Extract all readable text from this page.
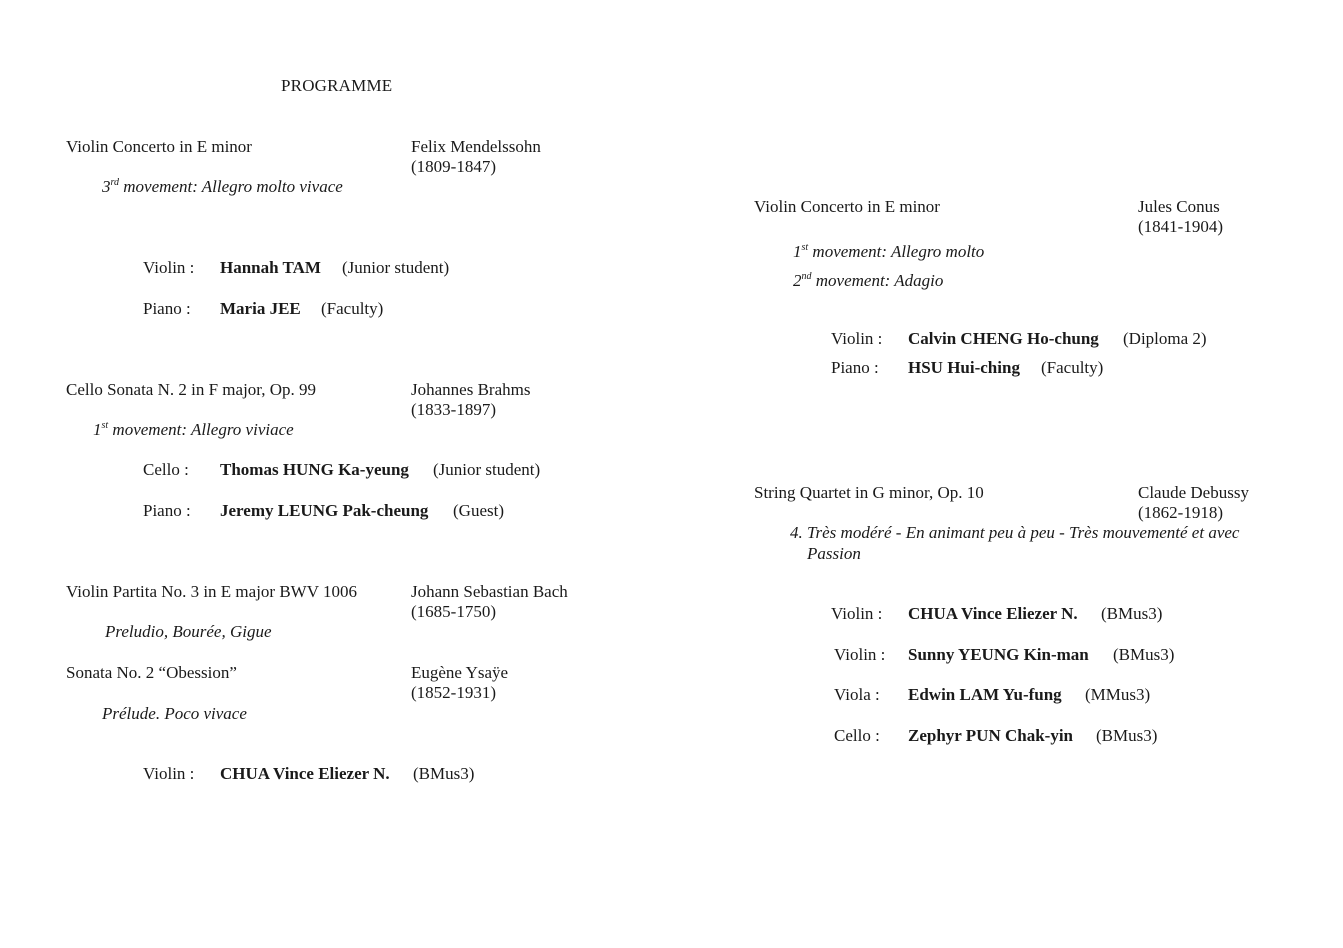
PROGRAMME
Violin Concerto in E minor	Felix Mendelssohn
(1809-1847)
3rd movement: Allegro molto vivace
Violin : Hannah TAM (Junior student)
Piano : Maria JEE (Faculty)
Cello Sonata N. 2 in F major, Op. 99	Johannes Brahms
(1833-1897)
1st movement: Allegro viviace
Cello : Thomas HUNG Ka-yeung (Junior student)
Piano : Jeremy LEUNG Pak-cheung (Guest)
Violin Partita No. 3 in E major BWV 1006	Johann Sebastian Bach
(1685-1750)
Preludio, Bourée, Gigue
Sonata No. 2 “Obession”	Eugène Ysaÿe
(1852-1931)
Prélude. Poco vivace
Violin : CHUA Vince Eliezer N. (BMus3)
Violin Concerto in E minor	Jules Conus
(1841-1904)
1st movement: Allegro molto
2nd movement: Adagio
Violin : Calvin CHENG Ho-chung (Diploma 2)
Piano : HSU Hui-ching (Faculty)
String Quartet in G minor, Op. 10	Claude Debussy
(1862-1918)
4. Très modéré - En animant peu à peu - Très mouvementé et avec
Passion
Violin : CHUA Vince Eliezer N. (BMus3)
Violin : Sunny YEUNG Kin-man (BMus3)
Viola : Edwin LAM Yu-fung (MMus3)
Cello : Zephyr PUN Chak-yin (BMus3)
